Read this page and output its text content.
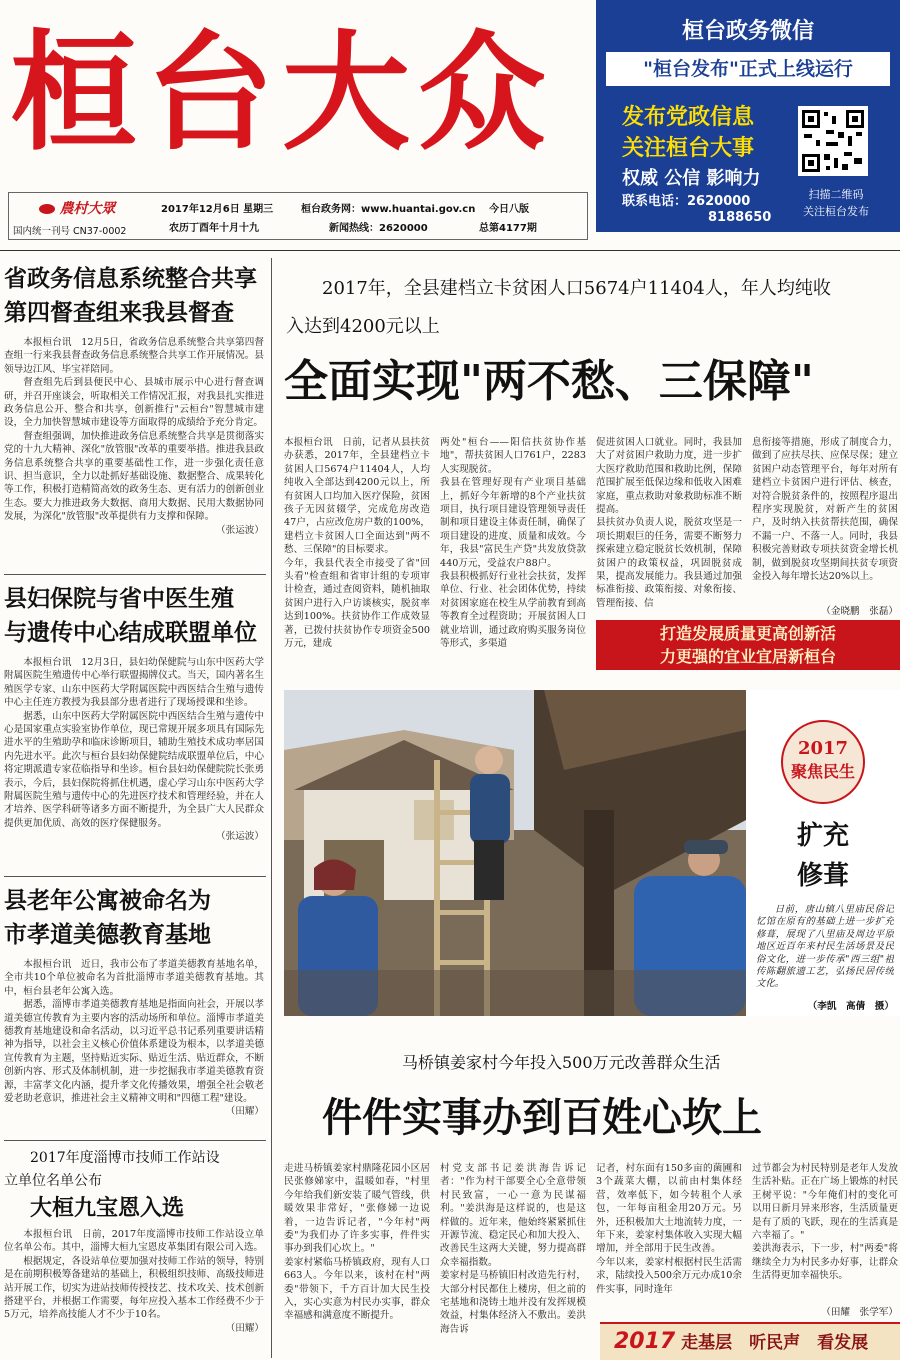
桓台大众
農村大眾
国内统一刊号 CN37-0002
2017年12月6日 星期三
农历丁酉年十月十九
桓台政务网：www.huantai.gov.cn
新闻热线：2620000
今日八版
总第4177期
桓台政务微信
"桓台发布"正式上线运行
发布党政信息
关注桓台大事
权威 公信 影响力
联系电话：2620000
8188650
扫描二维码
关注桓台发布
省政务信息系统整合共享
第四督查组来我县督查

本报桓台讯　12月5日，省政务信息系统整合共享第四督查组一行来我县督查政务信息系统整合共享工作开展情况。县领导边江风、毕宝祥陪同。

督查组先后到县便民中心、县城市展示中心进行督查调研，并召开座谈会，听取相关工作情况汇报，对我县扎实推进政务信息公开、整合和共享，创新推行"云桓台"智慧城市建设，全力加快智慧城市建设等方面取得的成绩给予充分肯定。

督查组强调，加快推进政务信息系统整合共享是贯彻落实党的十九大精神、深化"放管服"改革的重要举措。推进我县政务信息系统整合共享的重要基础性工作，进一步强化责任意识、担当意识，全力以赴抓好基础设施、数据整合、成果转化等工作，积极打造精简高效的政务生态、更有活力的创新创业生态。要大力推进政务大数据、商用大数据、民用大数据协同发展，为深化"放管服"改革提供有力支撑和保障。

（张运波）
县妇保院与省中医生殖
与遗传中心结成联盟单位

本报桓台讯　12月3日，县妇幼保健院与山东中医药大学附属医院生殖遗传中心举行联盟揭牌仪式。当天，国内著名生殖医学专家、山东中医药大学附属医院中西医结合生殖与遗传中心主任连方教授为我县部分患者进行了现场授课和坐诊。

据悉，山东中医药大学附属医院中西医结合生殖与遗传中心是国家重点实验室协作单位，现已常规开展多项具有国际先进水平的生殖助孕和临床诊断项目，辅助生殖技术成功率居国内先进水平。此次与桓台县妇幼保健院结成联盟单位后，中心将定期派遣专家莅临指导和坐诊。桓台县妇幼保健院院长张勇表示，今后，县妇保院将抓住机遇，虚心学习山东中医药大学附属医院生殖与遗传中心的先进医疗技术和管理经验，并在人才培养、医学科研等诸多方面不断提升，为全县广大人民群众提供更加优质、高效的医疗保健服务。

（张运波）
县老年公寓被命名为
市孝道美德教育基地

本报桓台讯　近日，我市公布了孝道美德教育基地名单，全市共10个单位被命名为首批淄博市孝道美德教育基地。其中，桓台县老年公寓入选。

据悉，淄博市孝道美德教育基地是指面向社会，开展以孝道美德宣传教育为主要内容的活动场所和单位。淄博市孝道美德教育基地建设和命名活动，以习近平总书记系列重要讲话精神为指导，以社会主义核心价值体系建设为根本，以孝道美德宣传教育为主题，坚持贴近实际、贴近生活、贴近群众，不断创新内容、形式及体制机制，进一步挖掘我市孝道美德教育资源，丰富孝文化内涵，提升孝文化传播效果，增强全社会敬老爱老助老意识，推进社会主义精神文明和"四德工程"建设。

（田耀）
2017年度淄博市技师工作站设
立单位名单公布
大桓九宝恩入选

本报桓台讯　日前，2017年度淄博市技师工作站设立单位名单公布。其中，淄博大桓九宝恩皮革集团有限公司入选。

根据规定，各设站单位要加强对技师工作站的领导，特别是在前期积极筹备建站的基础上，积极组织技师、高级技师进站开展工作，切实为进站技师传授技艺、技术攻关、技术创新搭建平台，并根据工作需要，每年应投入基本工作经费不少于5万元，培养高技能人才不少于10名。

（田耀）
2017年，全县建档立卡贫困人口5674户11404人，年人均纯收
入达到4200元以上
全面实现"两不愁、三保障"
本报桓台讯　日前，记者从县扶贫办获悉，2017年，全县建档立卡贫困人口5674户11404人，人均纯收入全部达到4200元以上，所有贫困人口均加入医疗保险，贫困孩子无因贫辍学，完成危房改造47户，占应改危房户数的100%，建档立卡贫困人口全面达到"两不愁、三保障"的目标要求。
今年，我县代表全市接受了省"回头看"检查组和省审计组的专项审计检查，通过查阅资料，随机抽取贫困户进行入户访谈核实，脱贫率达到100%。扶贫协作工作成效显著，已拨付扶贫协作专项资金500万元，建成
两处"桓台——阳信扶贫协作基地"，帮扶贫困人口761户，2283人实现脱贫。
我县在管理好现有产业项目基础上，抓好今年新增的8个产业扶贫项目，执行项目建设管理领导责任制和项目建设主体责任制，确保了项目建设的进度、质量和成效。今年，我县"富民生产贷"共发放贷款440万元，受益农户88户。
我县积极抓好行业社会扶贫，发挥单位、行业、社会团体优势，持续对贫困家庭在校生从学前教育到高等教育全过程资助；开展贫困人口就业培训，通过政府购买服务岗位等形式，多渠道
促进贫困人口就业。同时，我县加大了对贫困户救助力度，进一步扩大医疗救助范围和救助比例，保障范围扩展至低保边缘和低收入困难家庭，重点救助对象救助标准不断提高。
县扶贫办负责人说，脱贫攻坚是一项长期艰巨的任务，需要不断努力探索建立稳定脱贫长效机制，保障贫困户的政策权益，巩固脱贫成果，提高发展能力。我县通过加强标准衔接、政策衔接、对象衔接、管理衔接、信
息衔接等措施，形成了制度合力，做到了应扶尽扶、应保尽保；建立贫困户动态管理平台，每年对所有建档立卡贫困户进行评估、核查，对符合脱贫条件的，按照程序退出程序实现脱贫，对新产生的贫困户，及时纳入扶贫帮扶范围，确保不漏一户、不落一人。同时，我县积极完善财政专项扶贫资金增长机制，做到脱贫攻坚期间扶贫专项资金投入每年增长达20%以上。
（金晓鹏　张磊）
打造发展质量更高创新活
力更强的宜业宜居新桓台
2017
聚焦民生
扩充
修葺
日前，唐山镇八里庙民俗记忆馆在原有的基础上进一步扩充修葺，展现了八里庙及周边平原地区近百年来村民生活场景及民俗文化，进一步传承"西三组"祖传陈翻旅遗工艺，弘扬民居传统文化。
（李凯　高倩　摄）
马桥镇姜家村今年投入500万元改善群众生活
件件实事办到百姓心坎上
走进马桥镇姜家村鼎隆花园小区居民张修娣家中，温暖如春，"村里今年给我们新安装了暖气管线，供暖效果非常好，"张修娣一边说着，一边告诉记者，"今年村"两委"为我们办了许多实事，件件实事办到我们心坎上。"
姜家村紧临马桥镇政府，现有人口663人。今年以来，该村在村"两委"带领下，千方百计加大民生投入，实心实意为村民办实事，群众幸福感和满意度不断提升。
村党支部书记姜洪海告诉记者："作为村干部要全心全意带领村民致富，一心一意为民谋福利。"姜洪海是这样说的，也是这样做的。近年来，他始终紧紧抓住开源节流、稳定民心和加大投入、改善民生这两大关键，努力提高群众幸福指数。
姜家村是马桥镇旧村改造先行村，大部分村民都住上楼房，但之前的宅基地和浇铸土地并没有发挥规模效益，村集体经济入不敷出。姜洪海告诉
记者，村东面有150多亩的菌圃和3个蔬菜大棚，以前由村集体经营，效率低下，如今转租个人承包，一年每亩租金用20万元。另外，还积极加大土地流转力度，一年下来，姜家村集体收入实现大幅增加，并全部用于民生改善。
今年以来，姜家村根据村民生活需求，陆续投入500余万元办成10余件实事，同时逢年
过节都会为村民特别是老年人发放生活补贴。正在广场上锻炼的村民王树平说："今年俺们村的变化可以用日新月异来形容，生活质量更是有了质的飞跃，现在的生活真是六幸福了。"
姜洪海表示，下一步，村"两委"将继续全力为村民多办好事，让群众生活得更加幸福快乐。
（田耀　张学军）
2017 走基层　听民声　看发展
